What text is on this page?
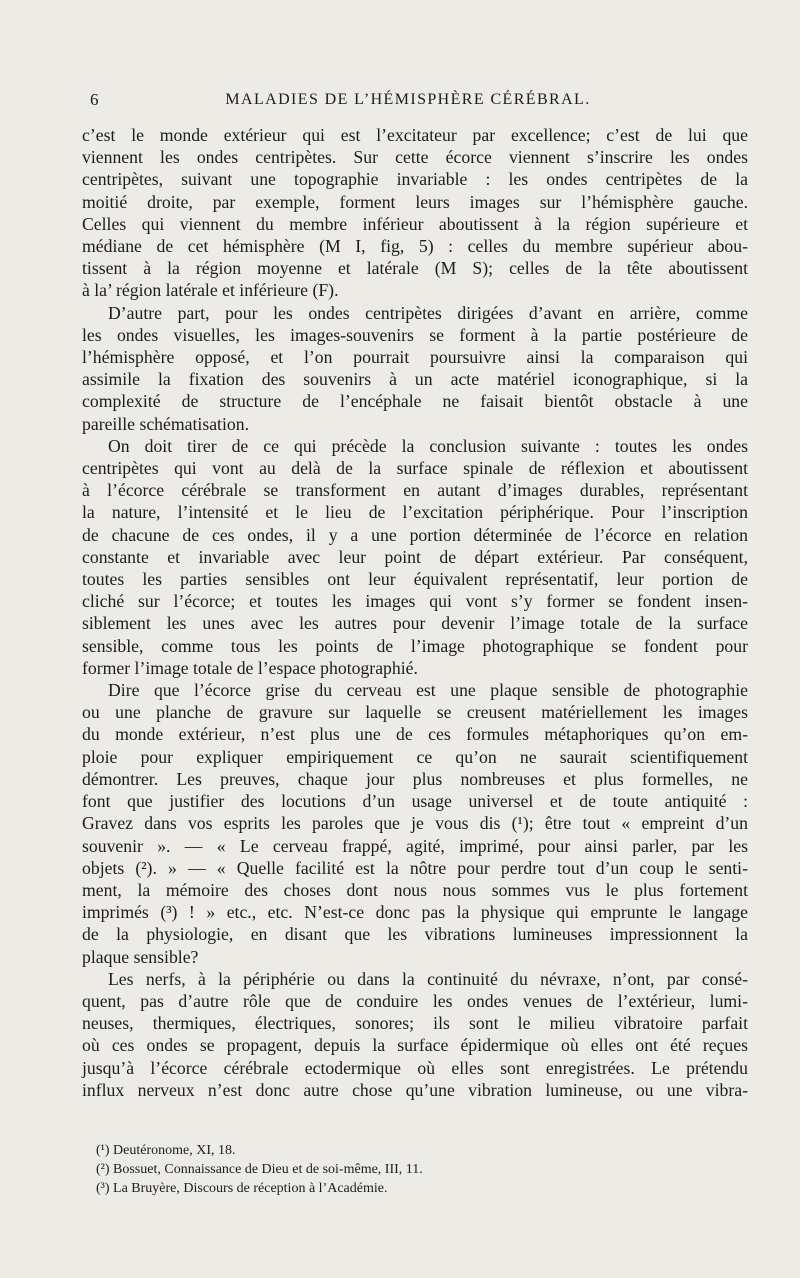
6	MALADIES DE L’HÉMISPHÈRE CÉRÉBRAL.
c’est le monde extérieur qui est l’excitateur par excellence; c’est de lui que
viennent les ondes centripètes. Sur cette écorce viennent s’inscrire les ondes
centripètes, suivant une topographie invariable : les ondes centripètes de la
moitié droite, par exemple, forment leurs images sur l’hémisphère gauche.
Celles qui viennent du membre inférieur aboutissent à la région supérieure et
médiane de cet hémisphère (M I, fig, 5) : celles du membre supérieur abou-
tissent à la région moyenne et latérale (M S); celles de la tête aboutissent
à la’ région latérale et inférieure (F).
D’autre part, pour les ondes centripètes dirigées d’avant en arrière, comme
les ondes visuelles, les images-souvenirs se forment à la partie postérieure de
l’hémisphère opposé, et l’on pourrait poursuivre ainsi la comparaison qui
assimile la fixation des souvenirs à un acte matériel iconographique, si la
complexité de structure de l’encéphale ne faisait bientôt obstacle à une
pareille schématisation.
On doit tirer de ce qui précède la conclusion suivante : toutes les ondes
centripètes qui vont au delà de la surface spinale de réflexion et aboutissent
à l’écorce cérébrale se transforment en autant d’images durables, représentant
la nature, l’intensité et le lieu de l’excitation périphérique. Pour l’inscription
de chacune de ces ondes, il y a une portion déterminée de l’écorce en relation
constante et invariable avec leur point de départ extérieur. Par conséquent,
toutes les parties sensibles ont leur équivalent représentatif, leur portion de
cliché sur l’écorce; et toutes les images qui vont s’y former se fondent insen-
siblement les unes avec les autres pour devenir l’image totale de la surface
sensible, comme tous les points de l’image photographique se fondent pour
former l’image totale de l’espace photographié.
Dire que l’écorce grise du cerveau est une plaque sensible de photographie
ou une planche de gravure sur laquelle se creusent matériellement les images
du monde extérieur, n’est plus une de ces formules métaphoriques qu’on em-
ploie pour expliquer empiriquement ce qu’on ne saurait scientifiquement
démontrer. Les preuves, chaque jour plus nombreuses et plus formelles, ne
font que justifier des locutions d’un usage universel et de toute antiquité :
Gravez dans vos esprits les paroles que je vous dis (¹); être tout « empreint d’un
souvenir ». — « Le cerveau frappé, agité, imprimé, pour ainsi parler, par les
objets (²). » — « Quelle facilité est la nôtre pour perdre tout d’un coup le senti-
ment, la mémoire des choses dont nous nous sommes vus le plus fortement
imprimés (³) ! » etc., etc. N’est-ce donc pas la physique qui emprunte le langage
de la physiologie, en disant que les vibrations lumineuses impressionnent la
plaque sensible?
Les nerfs, à la périphérie ou dans la continuité du névraxe, n’ont, par consé-
quent, pas d’autre rôle que de conduire les ondes venues de l’extérieur, lumi-
neuses, thermiques, électriques, sonores; ils sont le milieu vibratoire parfait
où ces ondes se propagent, depuis la surface épidermique où elles ont été reçues
jusqu’à l’écorce cérébrale ectodermique où elles sont enregistrées. Le prétendu
influx nerveux n’est donc autre chose qu’une vibration lumineuse, ou une vibra-
(¹) Deutéronome, XI, 18.
(²) Bossuet, Connaissance de Dieu et de soi-même, III, 11.
(³) La Bruyère, Discours de réception à l’Académie.
